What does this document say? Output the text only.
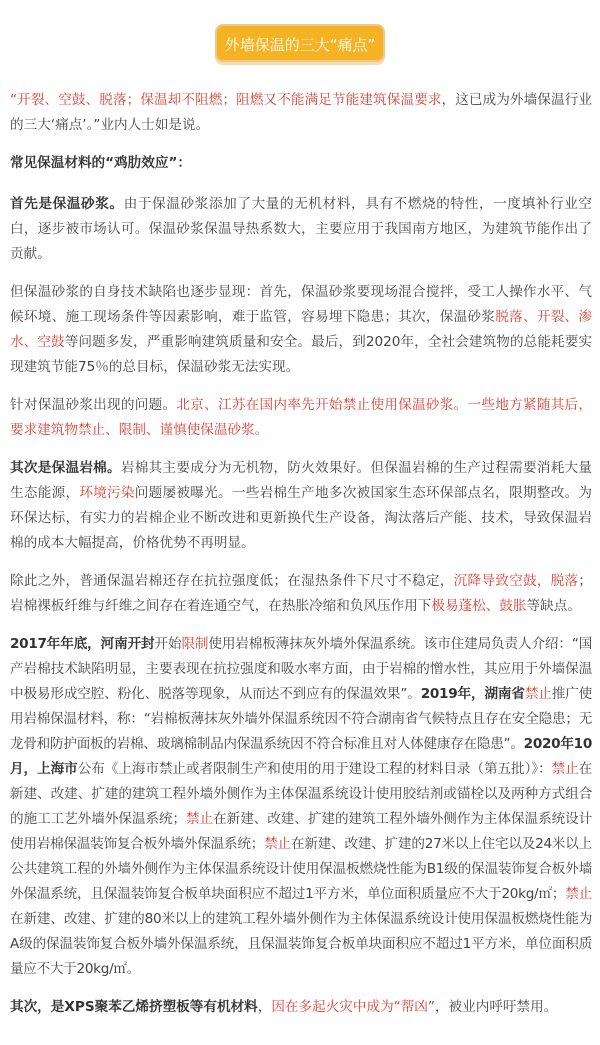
外墙保温的三大“痛点”

“开裂、空鼓、脱落；保温却不阻燃；阻燃又不能满足节能建筑保温要求，这已成为外墙保温行业的三大‘痛点’。”业内人士如是说。

常见保温材料的“鸡肋效应”：

首先是保温砂浆。由于保温砂浆添加了大量的无机材料，具有不燃烧的特性，一度填补行业空白，逐步被市场认可。保温砂浆保温导热系数大，主要应用于我国南方地区，为建筑节能作出了贡献。

但保温砂浆的自身技术缺陷也逐步显现：首先，保温砂浆要现场混合搅拌，受工人操作水平、气候环境、施工现场条件等因素影响，难于监管，容易埋下隐患；其次，保温砂浆脱落、开裂、渗水、空鼓等问题多发，严重影响建筑质量和安全。最后，到2020年，全社会建筑物的总能耗要实现建筑节能75％的总目标，保温砂浆无法实现。

针对保温砂浆出现的问题。北京、江苏在国内率先开始禁止使用保温砂浆。一些地方紧随其后，要求建筑物禁止、限制、谨慎使保温砂浆。

其次是保温岩棉。岩棉其主要成分为无机物，防火效果好。但保温岩棉的生产过程需要消耗大量生态能源，环境污染问题屡被曝光。一些岩棉生产地多次被国家生态环保部点名，限期整改。为环保达标，有实力的岩棉企业不断改进和更新换代生产设备，淘汰落后产能、技术，导致保温岩棉的成本大幅提高，价格优势不再明显。

除此之外，普通保温岩棉还存在抗拉强度低；在湿热条件下尺寸不稳定，沉降导致空鼓，脱落；岩棉裸板纤维与纤维之间存在着连通空气，在热胀冷缩和负风压作用下极易蓬松、鼓胀等缺点。

2017年年底，河南开封开始限制使用岩棉板薄抹灰外墙外保温系统。该市住建局负责人介绍：“国产岩棉技术缺陷明显，主要表现在抗拉强度和吸水率方面，由于岩棉的憎水性，其应用于外墙保温中极易形成空腔、粉化、脱落等现象，从而达不到应有的保温效果”。2019年，湖南省禁止推广使用岩棉保温材料，称：“岩棉板薄抹灰外墙外保温系统因不符合湖南省气候特点且存在安全隐患；无龙骨和防护面板的岩棉、玻璃棉制品内保温系统因不符合标准且对人体健康存在隐患”。2020年10月，上海市公布《上海市禁止或者限制生产和使用的用于建设工程的材料目录（第五批）》：禁止在新建、改建、扩建的建筑工程外墙外侧作为主体保温系统设计使用胶结剂或锚栓以及两种方式组合的施工工艺外墙外保温系统；禁止在新建、改建、扩建的建筑工程外墙外侧作为主体保温系统设计使用岩棉保温装饰复合板外墙外保温系统；禁止在新建、改建、扩建的27米以上住宅以及24米以上公共建筑工程的外墙外侧作为主体保温系统设计使用保温板燃烧性能为B1级的保温装饰复合板外墙外保温系统，且保温装饰复合板单块面积应不超过1平方米，单位面积质量应不大于20kg/㎡；禁止在新建、改建、扩建的80米以上的建筑工程外墙外侧作为主体保温系统设计使用保温板燃烧性能为A级的保温装饰复合板外墙外保温系统，且保温装饰复合板单块面积应不超过1平方米，单位面积质量应不大于20kg/㎡。

其次，是XPS聚苯乙烯挤塑板等有机材料，因在多起火灾中成为“帮凶”，被业内呼吁禁用。
